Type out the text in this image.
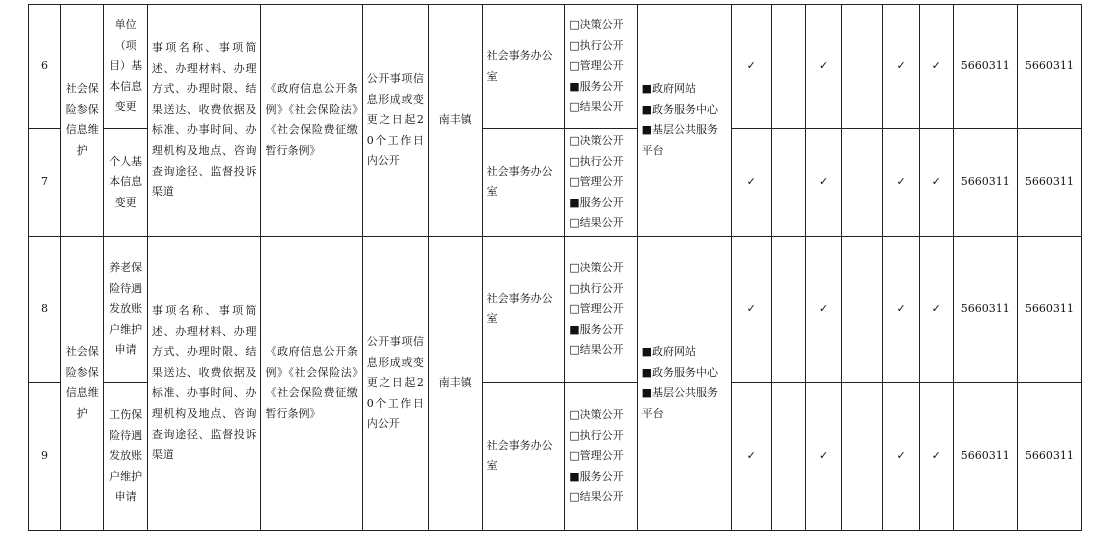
6	社会保险参保信息维护	单位（项目）基本信息变更	事项名称、事项简述、办理材料、办理方式、办理时限、结果送达、收费依据及标准、办事时间、办理机构及地点、咨询查询途径、监督投诉渠道	《政府信息公开条例》《社会保险法》《社会保险费征缴暂行条例》	公开事项信息形成或变更之日起20个工作日内公开	南丰镇	社会事务办公室	□决策公开
□执行公开
□管理公开
■服务公开
□结果公开	■政府网站
■政务服务中心
■基层公共服务平台	✓		✓		✓	✓	5660311	5660311
7		个人基本信息变更					社会事务办公室	□决策公开
□执行公开
□管理公开
■服务公开
□结果公开		✓		✓		✓	✓	5660311	5660311
8	社会保险参保信息维护	养老保险待遇发放账户维护申请	事项名称、事项简述、办理材料、办理方式、办理时限、结果送达、收费依据及标准、办事时间、办理机构及地点、咨询查询途径、监督投诉渠道	《政府信息公开条例》《社会保险法》《社会保险费征缴暂行条例》	公开事项信息形成或变更之日起20个工作日内公开	南丰镇	社会事务办公室	□决策公开
□执行公开
□管理公开
■服务公开
□结果公开	■政府网站
■政务服务中心
■基层公共服务平台	✓		✓		✓	✓	5660311	5660311
9		工伤保险待遇发放账户维护申请					社会事务办公室	□决策公开
□执行公开
□管理公开
■服务公开
□结果公开		✓		✓		✓	✓	5660311	5660311
